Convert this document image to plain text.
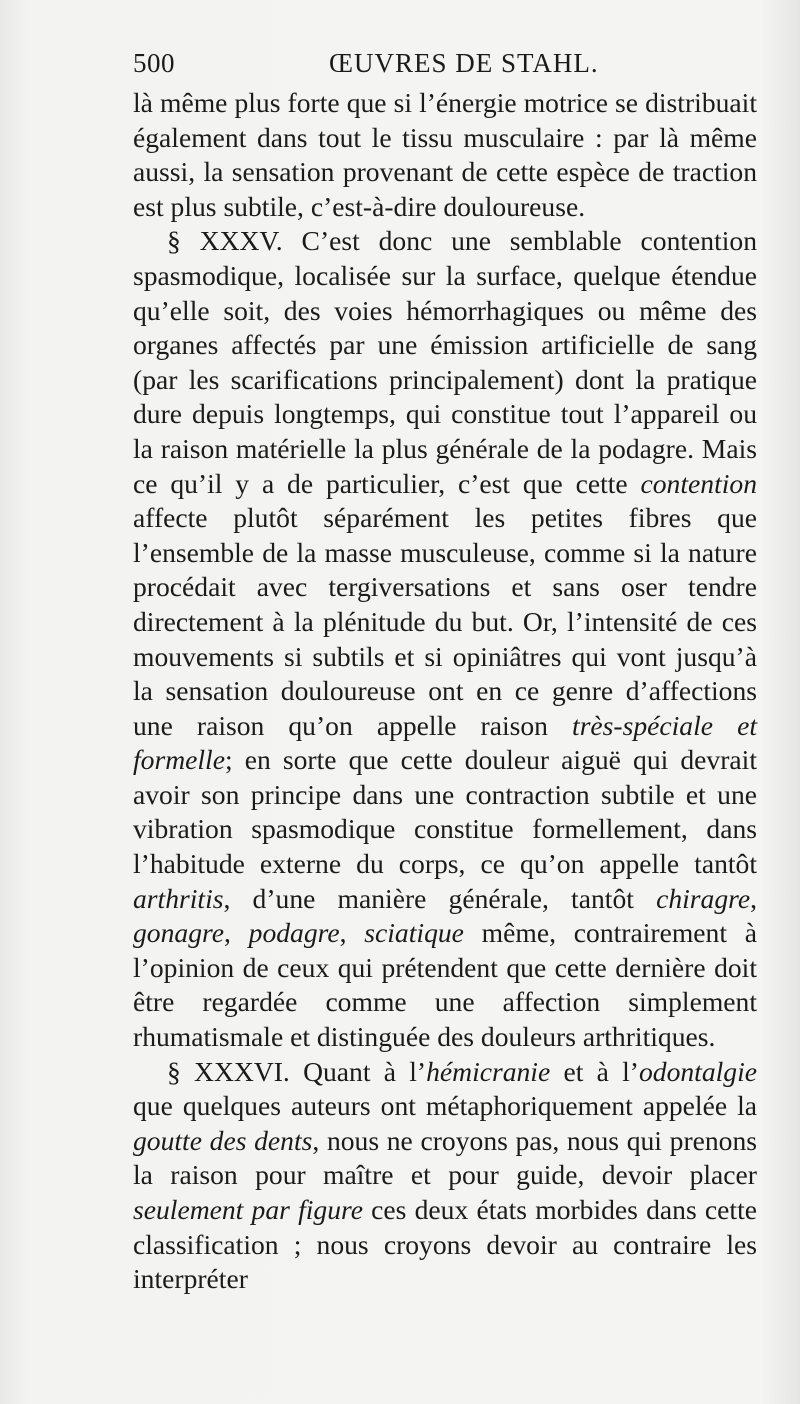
500	ŒUVRES DE STAHL.

là même plus forte que si l’énergie motrice se distribuait également dans tout le tissu musculaire : par là même aussi, la sensation provenant de cette espèce de traction est plus subtile, c’est-à-dire douloureuse.

§ XXXV. C’est donc une semblable contention spasmodique, localisée sur la surface, quelque étendue qu’elle soit, des voies hémorrhagiques ou même des organes affectés par une émission artificielle de sang (par les scarifications principalement) dont la pratique dure depuis longtemps, qui constitue tout l’appareil ou la raison matérielle la plus générale de la podagre. Mais ce qu’il y a de particulier, c’est que cette contention affecte plutôt séparément les petites fibres que l’ensemble de la masse musculeuse, comme si la nature procédait avec tergiversations et sans oser tendre directement à la plénitude du but. Or, l’intensité de ces mouvements si subtils et si opiniâtres qui vont jusqu’à la sensation douloureuse ont en ce genre d’affections une raison qu’on appelle raison très-spéciale et formelle; en sorte que cette douleur aiguë qui devrait avoir son principe dans une contraction subtile et une vibration spasmodique constitue formellement, dans l’habitude externe du corps, ce qu’on appelle tantôt arthritis, d’une manière générale, tantôt chiragre, gonagre, podagre, sciatique même, contrairement à l’opinion de ceux qui prétendent que cette dernière doit être regardée comme une affection simplement rhumatismale et distinguée des douleurs arthritiques.

§ XXXVI. Quant à l’hémicranie et à l’odontalgie que quelques auteurs ont métaphoriquement appelée la goutte des dents, nous ne croyons pas, nous qui prenons la raison pour maître et pour guide, devoir placer seulement par figure ces deux états morbides dans cette classification ; nous croyons devoir au contraire les interpréter
